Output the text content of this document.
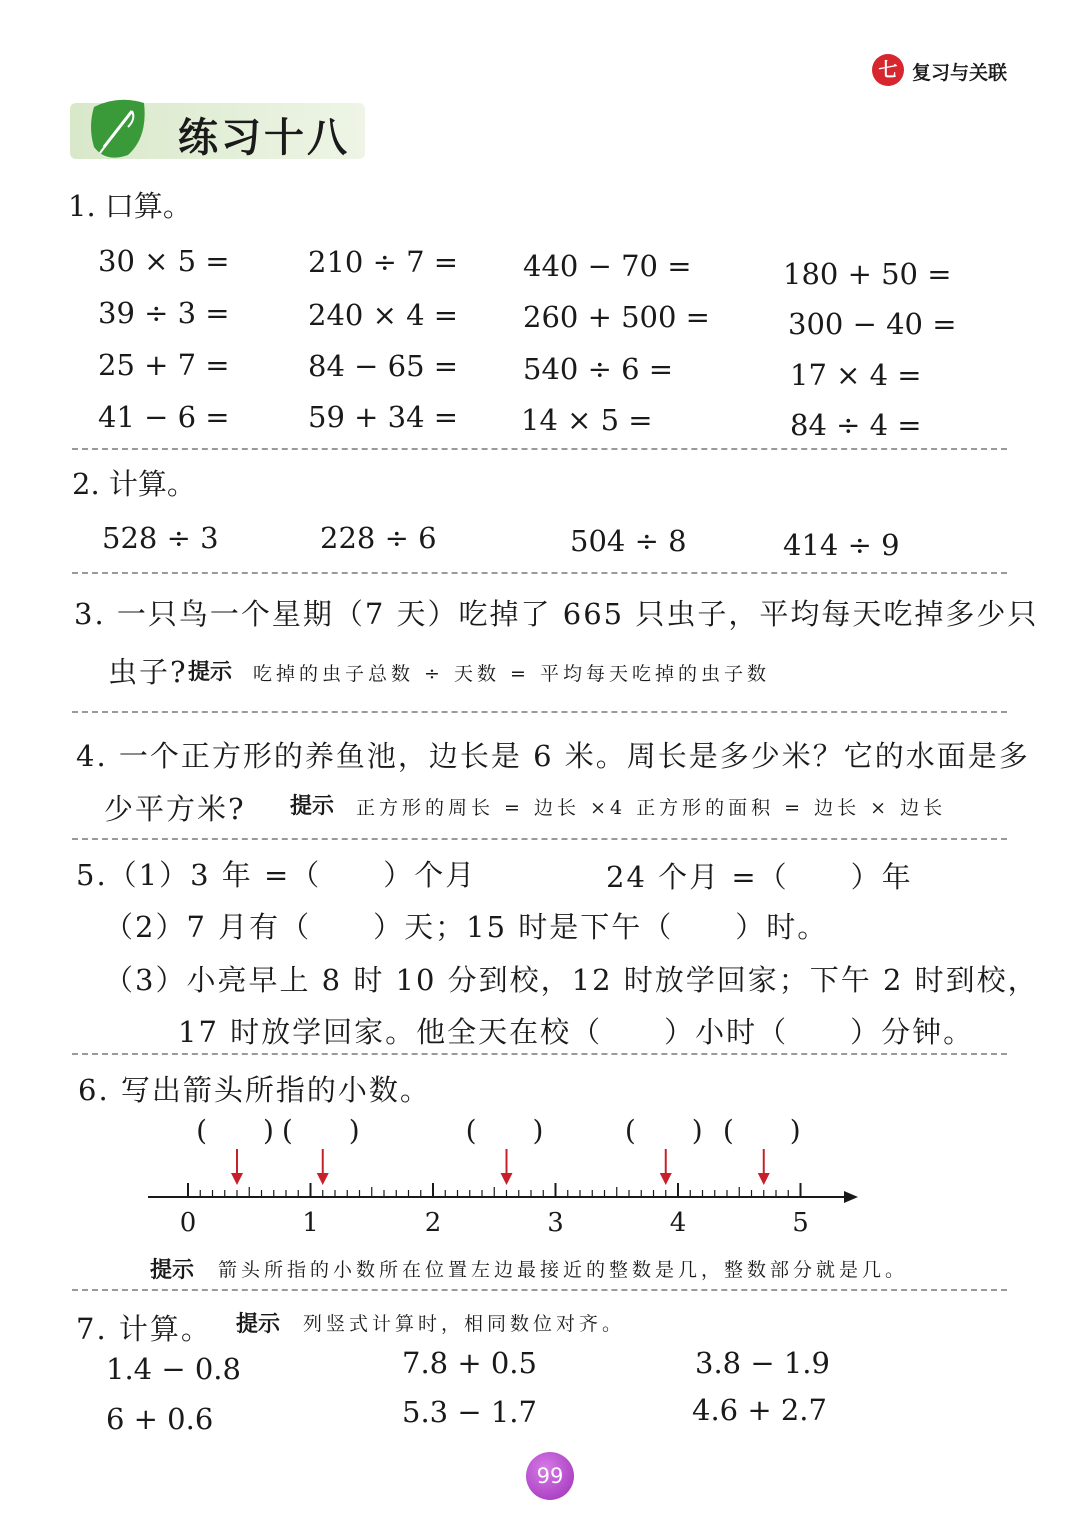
七 复习与关联
练习十八
1. 口算。
30 × 5 =	210 ÷ 7 = 440 − 70 =	180 + 50 =
39 ÷ 3 =	240 × 4 = 260 + 500 =	300 − 40 =
25 + 7 =	84 − 65 = 540 ÷ 6 =	17 × 4 =
41 − 6 =	59 + 34 = 14 × 5 =	84 ÷ 4 =
2. 计算。
528 ÷ 3	228 ÷ 6	504 ÷ 8	414 ÷ 9
3. 一只鸟一个星期（7 天）吃掉了 665 只虫子，平均每天吃掉多少只
虫子? 提示 吃掉的虫子总数 ÷ 天数 = 平均每天吃掉的虫子数
4. 一个正方形的养鱼池，边长是 6 米。周长是多少米？它的水面是多
少平方米? 提示 正方形的周长 = 边长 ×4 正方形的面积 = 边长 × 边长
5.（1）3 年 =（　　）个月	24 个月 =（　　）年
（2）7 月有（　　）天；15 时是下午（　　）时。
（3）小亮早上 8 时 10 分到校，12 时放学回家；下午 2 时到校，
17 时放学回家。他全天在校（　　）小时（　　）分钟。
6. 写出箭头所指的小数。
(　　) (　　)	(　　)	(　　) (　　)
0	1	2	3	4	5
提示 箭头所指的小数所在位置左边最接近的整数是几，整数部分就是几。
7. 计算。 提示 列竖式计算时，相同数位对齐。
1.4 − 0.8	7.8 + 0.5	3.8 − 1.9
6 + 0.6	5.3 − 1.7	4.6 + 2.7
99
